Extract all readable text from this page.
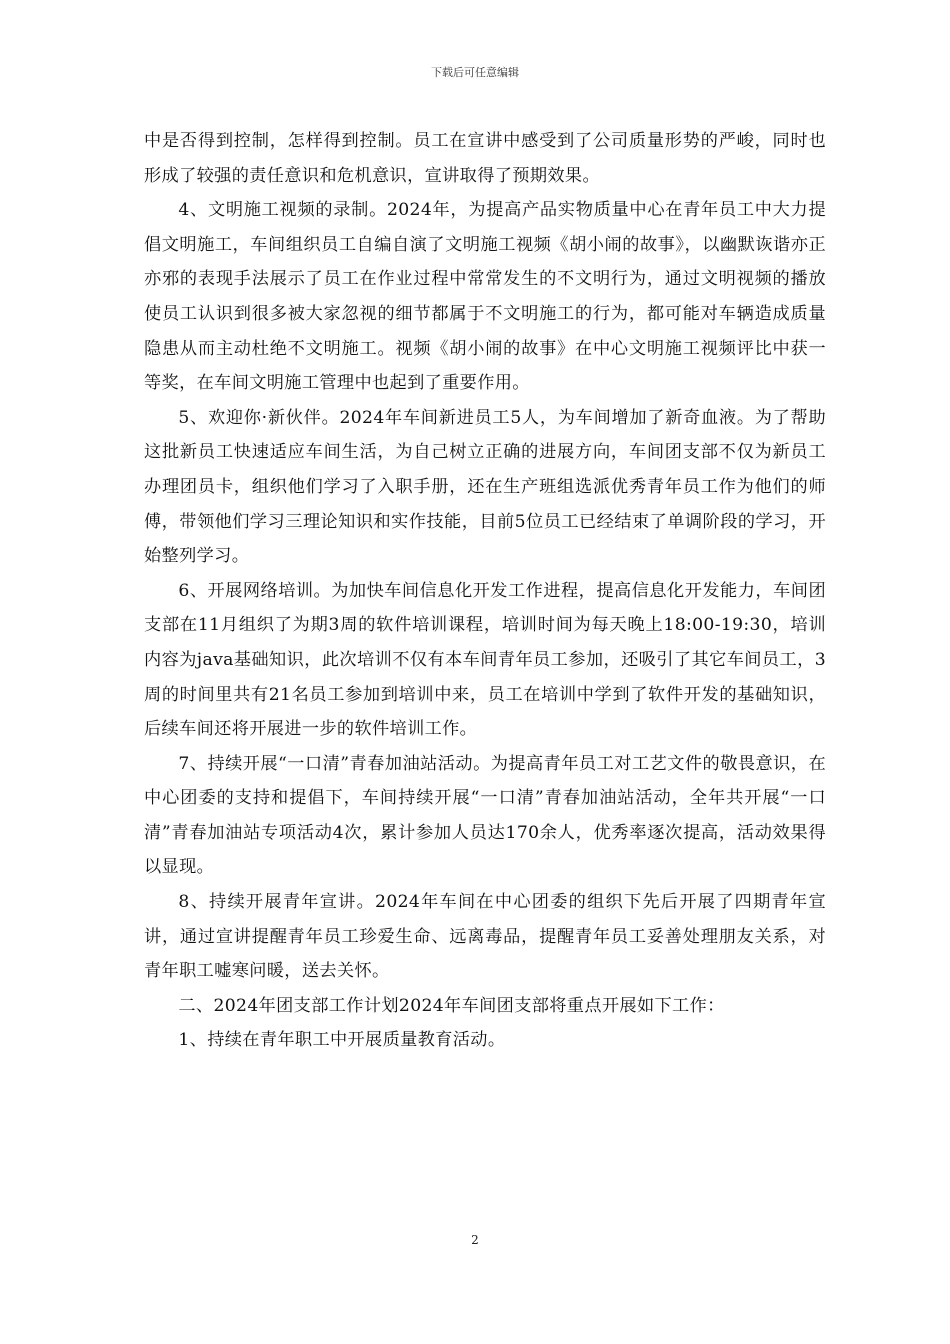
下载后可任意编辑

中是否得到控制，怎样得到控制。员工在宣讲中感受到了公司质量形势的严峻，同时也形成了较强的责任意识和危机意识，宣讲取得了预期效果。

4、文明施工视频的录制。2024年，为提高产品实物质量中心在青年员工中大力提倡文明施工，车间组织员工自编自演了文明施工视频《胡小闹的故事》，以幽默诙谐亦正亦邪的表现手法展示了员工在作业过程中常常发生的不文明行为，通过文明视频的播放使员工认识到很多被大家忽视的细节都属于不文明施工的行为，都可能对车辆造成质量隐患从而主动杜绝不文明施工。视频《胡小闹的故事》在中心文明施工视频评比中获一等奖，在车间文明施工管理中也起到了重要作用。

5、欢迎你·新伙伴。2024年车间新进员工5人，为车间增加了新奇血液。为了帮助这批新员工快速适应车间生活，为自己树立正确的进展方向，车间团支部不仅为新员工办理团员卡，组织他们学习了入职手册，还在生产班组选派优秀青年员工作为他们的师傅，带领他们学习三理论知识和实作技能，目前5位员工已经结束了单调阶段的学习，开始整列学习。

6、开展网络培训。为加快车间信息化开发工作进程，提高信息化开发能力，车间团支部在11月组织了为期3周的软件培训课程，培训时间为每天晚上18:00-19:30，培训内容为java基础知识，此次培训不仅有本车间青年员工参加，还吸引了其它车间员工，3周的时间里共有21名员工参加到培训中来，员工在培训中学到了软件开发的基础知识，后续车间还将开展进一步的软件培训工作。

7、持续开展“一口清”青春加油站活动。为提高青年员工对工艺文件的敬畏意识，在中心团委的支持和提倡下，车间持续开展“一口清”青春加油站活动，全年共开展“一口清”青春加油站专项活动4次，累计参加人员达170余人，优秀率逐次提高，活动效果得以显现。

8、持续开展青年宣讲。2024年车间在中心团委的组织下先后开展了四期青年宣讲，通过宣讲提醒青年员工珍爱生命、远离毒品，提醒青年员工妥善处理朋友关系，对青年职工嘘寒问暖，送去关怀。

二、2024年团支部工作计划2024年车间团支部将重点开展如下工作：

1、持续在青年职工中开展质量教育活动。

2
